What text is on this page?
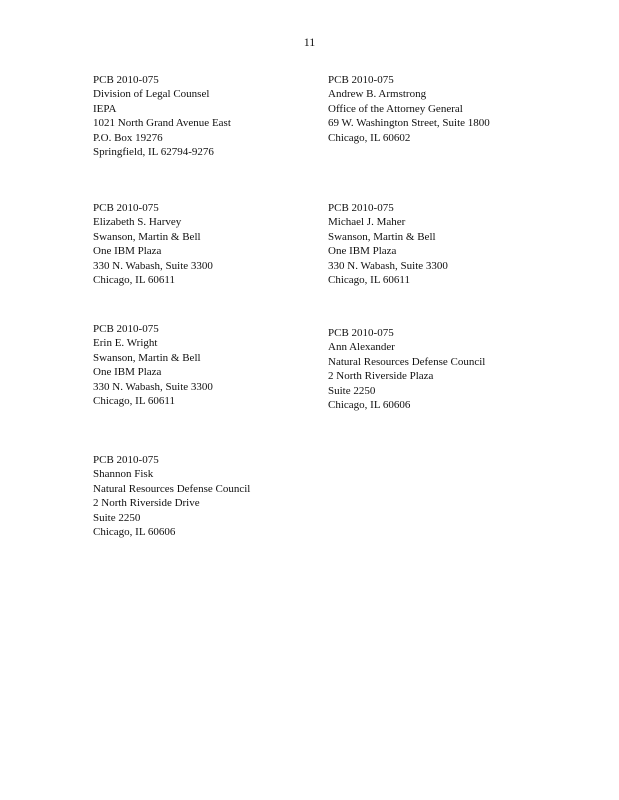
11
PCB 2010-075
Division of Legal Counsel
IEPA
1021 North Grand Avenue East
P.O. Box 19276
Springfield, IL 62794-9276
PCB 2010-075
Andrew B. Armstrong
Office of the Attorney General
69 W. Washington Street, Suite 1800
Chicago, IL 60602
PCB 2010-075
Elizabeth S. Harvey
Swanson, Martin & Bell
One IBM Plaza
330 N. Wabash, Suite 3300
Chicago, IL 60611
PCB 2010-075
Michael J. Maher
Swanson, Martin & Bell
One IBM Plaza
330 N. Wabash, Suite 3300
Chicago, IL 60611
PCB 2010-075
Erin E. Wright
Swanson, Martin & Bell
One IBM Plaza
330 N. Wabash, Suite 3300
Chicago, IL 60611
PCB 2010-075
Ann Alexander
Natural Resources Defense Council
2 North Riverside Plaza
Suite 2250
Chicago, IL 60606
PCB 2010-075
Shannon Fisk
Natural Resources Defense Council
2 North Riverside Drive
Suite 2250
Chicago, IL 60606
